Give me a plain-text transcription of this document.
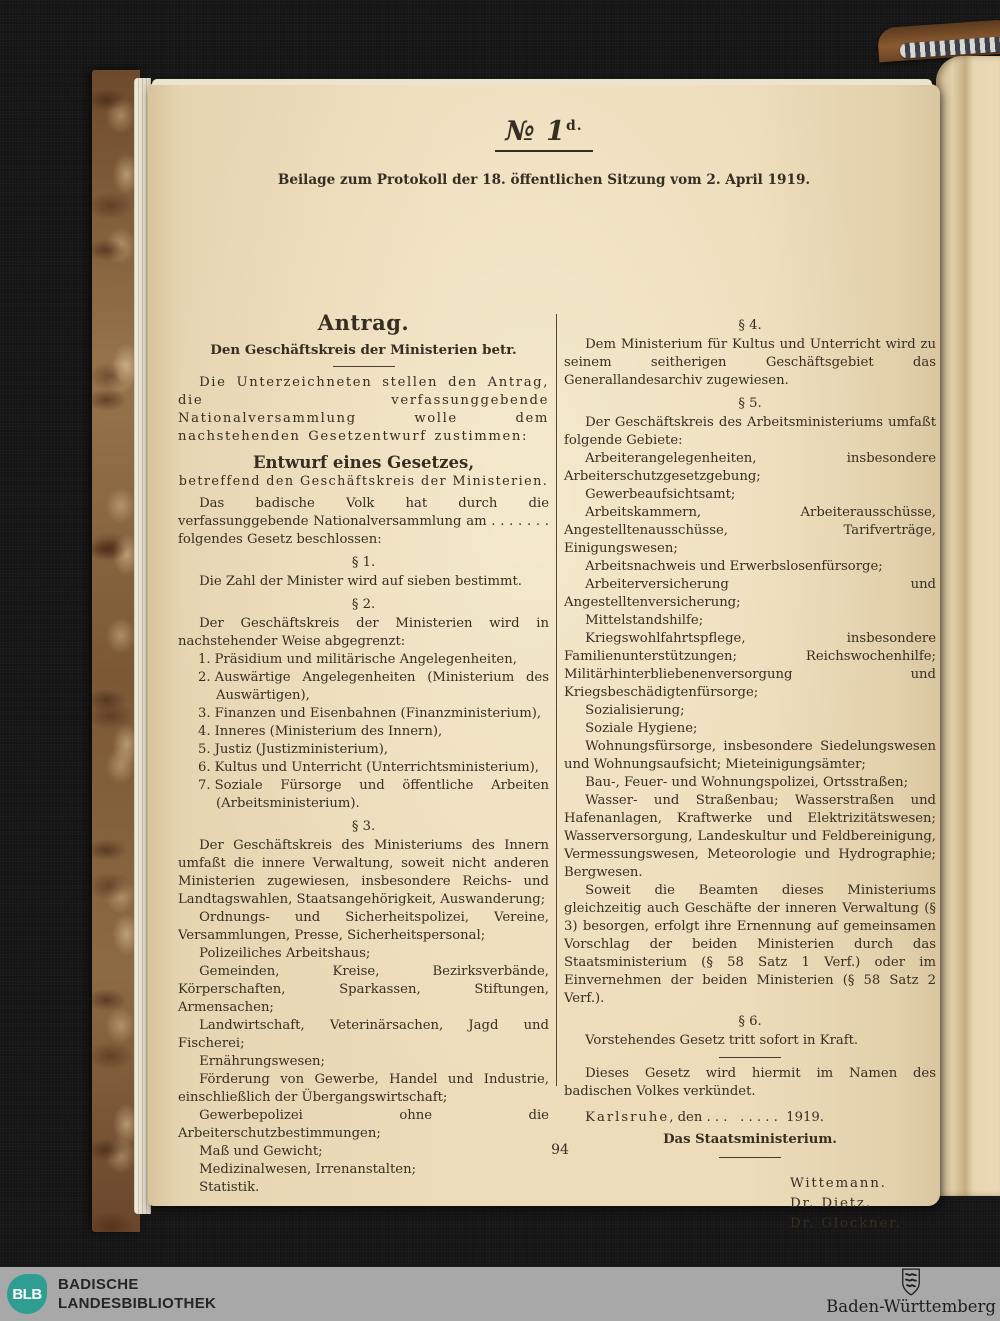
№ $1^{d.}$
Beilage zum Protokoll der 18. öffentlichen Sitzung vom 2. April 1919.
Antrag.
Den Geschäftskreis der Ministerien betr.

Die Unterzeichneten stellen den Antrag, die verfassunggebende Nationalversammlung wolle dem nachstehenden Gesetzentwurf zustimmen:

Entwurf eines Gesetzes,
betreffend den Geschäftskreis der Ministerien.

Das badische Volk hat durch die verfassunggebende Nationalversammlung am . . . . . . . folgendes Gesetz beschlossen:

§ 1.

Die Zahl der Minister wird auf sieben bestimmt.

§ 2.

Der Geschäftskreis der Ministerien wird in nachstehender Weise abgegrenzt:

1. Präsidium und militärische Angelegenheiten,
2. Auswärtige Angelegenheiten (Ministerium des Auswärtigen),
3. Finanzen und Eisenbahnen (Finanzministerium),
4. Inneres (Ministerium des Innern),
5. Justiz (Justizministerium),
6. Kultus und Unterricht (Unterrichtsministerium),
7. Soziale Fürsorge und öffentliche Arbeiten (Arbeitsministerium).
§ 3.

Der Geschäftskreis des Ministeriums des Innern umfaßt die innere Verwaltung, soweit nicht anderen Ministerien zugewiesen, insbesondere Reichs- und Landtagswahlen, Staatsangehörigkeit, Auswanderung;

Ordnungs- und Sicherheitspolizei, Vereine, Versammlungen, Presse, Sicherheitspersonal;

Polizeiliches Arbeitshaus;

Gemeinden, Kreise, Bezirksverbände, Körperschaften, Sparkassen, Stiftungen, Armensachen;

Landwirtschaft, Veterinärsachen, Jagd und Fischerei;

Ernährungswesen;

Förderung von Gewerbe, Handel und Industrie, einschließlich der Übergangswirtschaft;

Gewerbepolizei ohne die Arbeiterschutzbestimmungen;

Maß und Gewicht;

Medizinalwesen, Irrenanstalten;

Statistik.

§ 4.

Dem Ministerium für Kultus und Unterricht wird zu seinem seitherigen Geschäftsgebiet das Generallandesarchiv zugewiesen.

§ 5.

Der Geschäftskreis des Arbeitsministeriums umfaßt folgende Gebiete:

Arbeiterangelegenheiten, insbesondere Arbeiterschutzgesetzgebung;

Gewerbeaufsichtsamt;

Arbeitskammern, Arbeiterausschüsse, Angestelltenausschüsse, Tarifverträge, Einigungswesen;

Arbeitsnachweis und Erwerbslosenfürsorge;

Arbeiterversicherung und Angestelltenversicherung;

Mittelstandshilfe;

Kriegswohlfahrtspflege, insbesondere Familienunterstützungen; Reichswochenhilfe; Militärhinterbliebenenversorgung und Kriegsbeschädigtenfürsorge;

Sozialisierung;

Soziale Hygiene;

Wohnungsfürsorge, insbesondere Siedelungswesen und Wohnungsaufsicht; Mieteinigungsämter;

Bau-, Feuer- und Wohnungspolizei, Ortsstraßen;

Wasser- und Straßenbau; Wasserstraßen und Hafenanlagen, Kraftwerke und Elektrizitätswesen; Wasserversorgung, Landeskultur und Feldbereinigung, Vermessungswesen, Meteorologie und Hydrographie; Bergwesen.

Soweit die Beamten dieses Ministeriums gleichzeitig auch Geschäfte der inneren Verwaltung (§ 3) besorgen, erfolgt ihre Ernennung auf gemeinsamen Vorschlag der beiden Ministerien durch das Staatsministerium (§ 58 Satz 1 Verf.) oder im Einvernehmen der beiden Ministerien (§ 58 Satz 2 Verf.).

§ 6.

Vorstehendes Gesetz tritt sofort in Kraft.

Dieses Gesetz wird hiermit im Namen des badischen Volkes verkündet.

Karlsruhe, den . . .   . . . . .  1919.

Das Staatsministerium.
Wittemann.
Dr. Dietz.
Dr. Glockner.
94
BLB
BADISCHE
LANDESBIBLIOTHEK	Baden-Württemberg
